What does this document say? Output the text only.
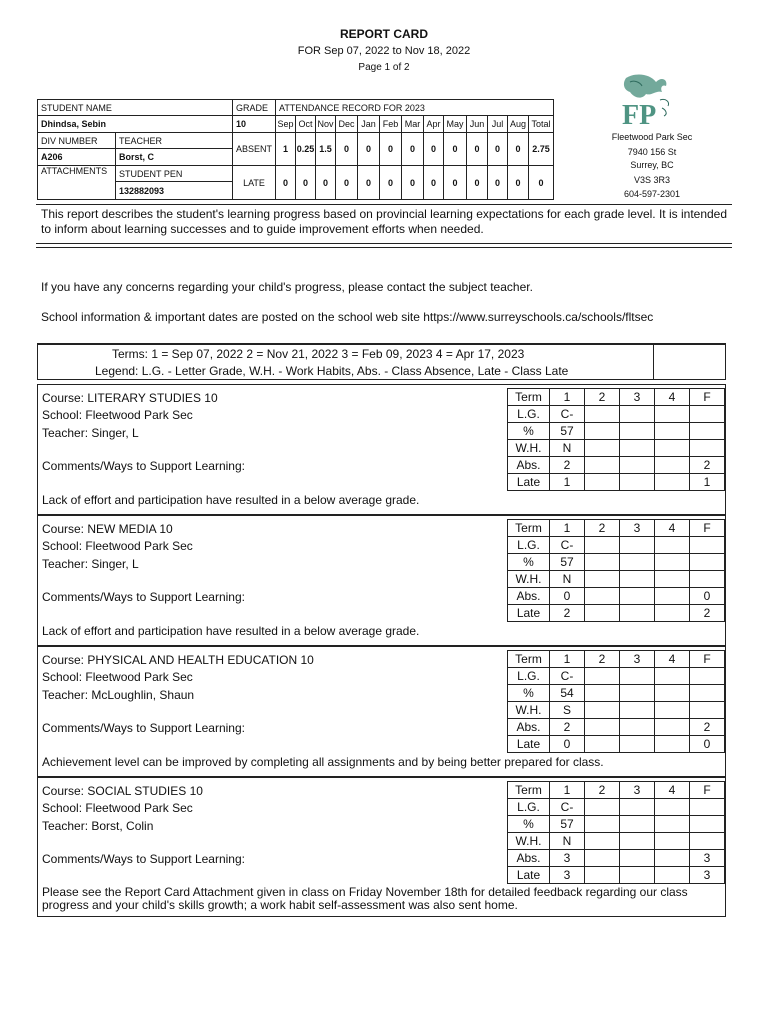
REPORT CARD
FOR Sep 07, 2022 to Nov 18, 2022
Page 1 of 2
STUDENT NAME		GRADE	ATTENDANCE RECORD FOR 2023												
Dhindsa, Sebin		10	Sep	Oct	Nov	Dec	Jan	Feb	Mar	Apr	May	Jun	Jul	Aug	Total
DIV NUMBER	TEACHER	ABSENT	1	0.25	1.5	0	0	0	0	0	0	0	0	0	2.75
A206	Borst, C														
ATTACHMENTS	STUDENT PEN	LATE	0	0	0	0	0	0	0	0	0	0	0	0	0
	132882093														
FP
Fleetwood Park Sec
7940 156 St
Surrey, BC
V3S 3R3
604-597-2301
This report describes the student's learning progress based on provincial learning expectations for each grade level. It is intended to inform about learning successes and to guide improvement efforts when needed.
If you have any concerns regarding your child's progress, please contact the subject teacher.
School information & important dates are posted on the school web site https://www.surreyschools.ca/schools/fltsec
Terms: 1 = Sep 07, 2022 2 = Nov 21, 2022 3 = Feb 09, 2023 4 = Apr 17, 2023
Legend: L.G. - Letter Grade, W.H. - Work Habits, Abs. - Class Absence, Late - Class Late
Course: LITERARY STUDIES 10
School: Fleetwood Park Sec
Teacher: Singer, L
Comments/Ways to Support Learning:
Lack of effort and participation have resulted in a below average grade.
Term	1	2	3	4	F
L.G.	C-				
%	57				
W.H.	N				
Abs.	2				2
Late	1				1
Course: NEW MEDIA 10
School: Fleetwood Park Sec
Teacher: Singer, L
Comments/Ways to Support Learning:
Lack of effort and participation have resulted in a below average grade.
Term	1	2	3	4	F
L.G.	C-				
%	57				
W.H.	N				
Abs.	0				0
Late	2				2
Course: PHYSICAL AND HEALTH EDUCATION 10
School: Fleetwood Park Sec
Teacher: McLoughlin, Shaun
Comments/Ways to Support Learning:
Achievement level can be improved by completing all assignments and by being better prepared for class.
Term	1	2	3	4	F
L.G.	C-				
%	54				
W.H.	S				
Abs.	2				2
Late	0				0
Course: SOCIAL STUDIES 10
School: Fleetwood Park Sec
Teacher: Borst, Colin
Comments/Ways to Support Learning:
Please see the Report Card Attachment given in class on Friday November 18th for detailed feedback regarding our class progress and your child's skills growth; a work habit self-assessment was also sent home.
Term	1	2	3	4	F
L.G.	C-				
%	57				
W.H.	N				
Abs.	3				3
Late	3				3
